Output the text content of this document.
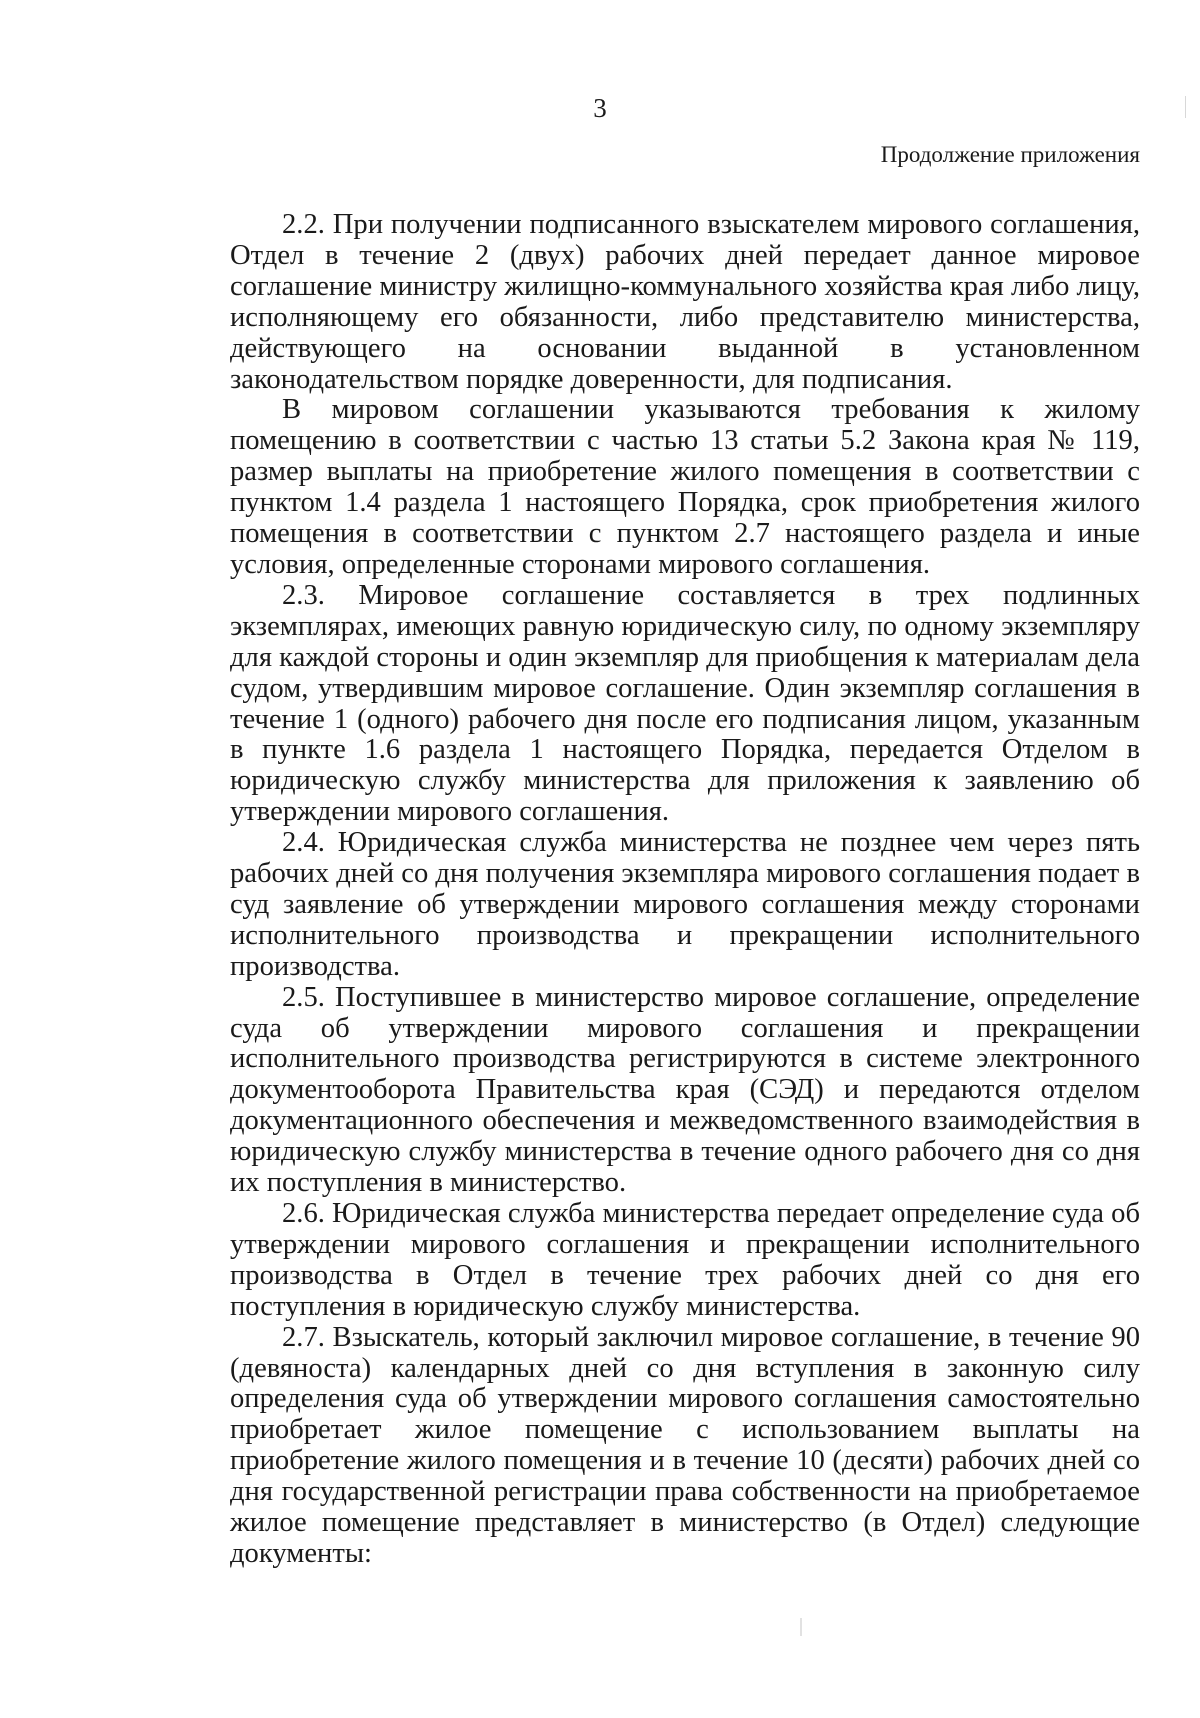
3
Продолжение приложения

2.2. При получении подписанного взыскателем мирового соглашения, Отдел в течение 2 (двух) рабочих дней передает данное мировое соглашение министру жилищно-коммунального хозяйства края либо лицу, исполняющему его обязанности, либо представителю министерства, действующего на основании выданной в установленном законодательством порядке доверенности, для подписания.

В мировом соглашении указываются требования к жилому помещению в соответствии с частью 13 статьи 5.2 Закона края № 119, размер выплаты на приобретение жилого помещения в соответствии с пунктом 1.4 раздела 1 настоящего Порядка, срок приобретения жилого помещения в соответствии с пунктом 2.7 настоящего раздела и иные условия, определенные сторонами мирового соглашения.

2.3. Мировое соглашение составляется в трех подлинных экземплярах, имеющих равную юридическую силу, по одному экземпляру для каждой стороны и один экземпляр для приобщения к материалам дела судом, утвердившим мировое соглашение. Один экземпляр соглашения в течение 1 (одного) рабочего дня после его подписания лицом, указанным в пункте 1.6 раздела 1 настоящего Порядка, передается Отделом в юридическую службу министерства для приложения к заявлению об утверждении мирового соглашения.

2.4. Юридическая служба министерства не позднее чем через пять рабочих дней со дня получения экземпляра мирового соглашения подает в суд заявление об утверждении мирового соглашения между сторонами исполнительного производства и прекращении исполнительного производства.

2.5. Поступившее в министерство мировое соглашение, определение суда об утверждении мирового соглашения и прекращении исполнительного производства регистрируются в системе электронного документооборота Правительства края (СЭД) и передаются отделом документационного обеспечения и межведомственного взаимодействия в юридическую службу министерства в течение одного рабочего дня со дня их поступления в министерство.

2.6. Юридическая служба министерства передает определение суда об утверждении мирового соглашения и прекращении исполнительного производства в Отдел в течение трех рабочих дней со дня его поступления в юридическую службу министерства.

2.7. Взыскатель, который заключил мировое соглашение, в течение 90 (девяноста) календарных дней со дня вступления в законную силу определения суда об утверждении мирового соглашения самостоятельно приобретает жилое помещение с использованием выплаты на приобретение жилого помещения и в течение 10 (десяти) рабочих дней со дня государственной регистрации права собственности на приобретаемое жилое помещение представляет в министерство (в Отдел) следующие документы:
